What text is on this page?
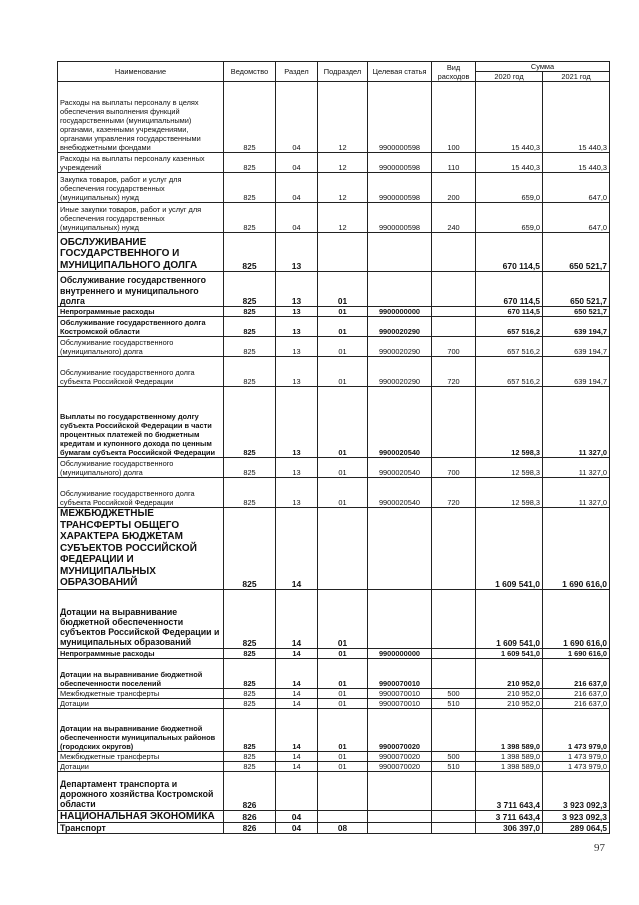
Наименование	Ведомство	Раздел	Подраздел	Целевая статья	Вид расходов	Сумма	
						2020 год	2021 год
Расходы на выплаты персоналу в целях обеспечения выполнения функций государственными (муниципальными) органами, казенными учреждениями, органами управления государственными внебюджетными фондами	825	04	12	9900000598	100	15 440,3	15 440,3
Расходы на выплаты персоналу казенных учреждений	825	04	12	9900000598	110	15 440,3	15 440,3
Закупка товаров, работ и услуг для обеспечения государственных (муниципальных) нужд	825	04	12	9900000598	200	659,0	647,0
Иные закупки товаров, работ и услуг для обеспечения государственных (муниципальных) нужд	825	04	12	9900000598	240	659,0	647,0
ОБСЛУЖИВАНИЕ ГОСУДАРСТВЕННОГО И МУНИЦИПАЛЬНОГО ДОЛГА	825	13				670 114,5	650 521,7
Обслуживание государственного внутреннего и муниципального долга	825	13	01			670 114,5	650 521,7
Непрограммные расходы	825	13	01	9900000000		670 114,5	650 521,7
Обслуживание государственного долга Костромской области	825	13	01	9900020290		657 516,2	639 194,7
Обслуживание государственного (муниципального) долга	825	13	01	9900020290	700	657 516,2	639 194,7
Обслуживание государственного долга субъекта Российской Федерации	825	13	01	9900020290	720	657 516,2	639 194,7
Выплаты по государственному долгу субъекта Российской Федерации в части процентных платежей по бюджетным кредитам и купонного дохода по ценным бумагам субъекта Российской Федерации	825	13	01	9900020540		12 598,3	11 327,0
Обслуживание государственного (муниципального) долга	825	13	01	9900020540	700	12 598,3	11 327,0
Обслуживание государственного долга субъекта Российской Федерации	825	13	01	9900020540	720	12 598,3	11 327,0
МЕЖБЮДЖЕТНЫЕ ТРАНСФЕРТЫ ОБЩЕГО ХАРАКТЕРА БЮДЖЕТАМ СУБЪЕКТОВ РОССИЙСКОЙ ФЕДЕРАЦИИ И МУНИЦИПАЛЬНЫХ ОБРАЗОВАНИЙ	825	14				1 609 541,0	1 690 616,0
Дотации на выравнивание бюджетной обеспеченности субъектов Российской Федерации и муниципальных образований	825	14	01			1 609 541,0	1 690 616,0
Непрограммные расходы	825	14	01	9900000000		1 609 541,0	1 690 616,0
Дотации на выравнивание бюджетной обеспеченности поселений	825	14	01	9900070010		210 952,0	216 637,0
Межбюджетные трансферты	825	14	01	9900070010	500	210 952,0	216 637,0
Дотации	825	14	01	9900070010	510	210 952,0	216 637,0
Дотации на выравнивание бюджетной обеспеченности муниципальных районов (городских округов)	825	14	01	9900070020		1 398 589,0	1 473 979,0
Межбюджетные трансферты	825	14	01	9900070020	500	1 398 589,0	1 473 979,0
Дотации	825	14	01	9900070020	510	1 398 589,0	1 473 979,0
Департамент транспорта и дорожного хозяйства Костромской области	826					3 711 643,4	3 923 092,3
НАЦИОНАЛЬНАЯ ЭКОНОМИКА	826	04				3 711 643,4	3 923 092,3
Транспорт	826	04	08			306 397,0	289 064,5
97
